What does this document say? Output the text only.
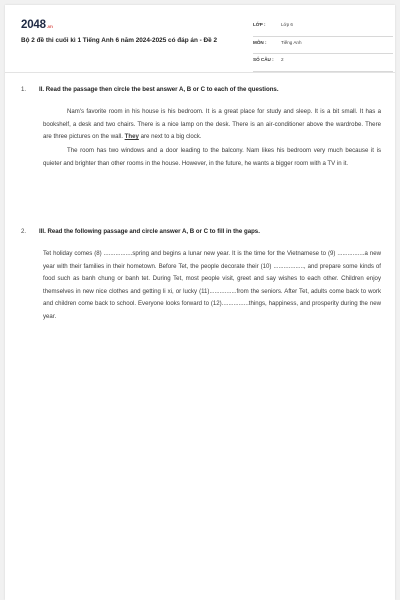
2048.vn
Bộ 2 đề thi cuối kì 1 Tiếng Anh 6 năm 2024-2025 có đáp án - Đề 2
LỚP :	Lớp 6
MÔN :	Tiếng Anh
SỐ CÂU : 2
1. II. Read the passage then circle the best answer A, B or C to each of the questions.

Nam's favorite room in his house is his bedroom. It is a great place for study and sleep. It is a bit small. It has a bookshelf, a desk and two chairs. There is a nice lamp on the desk. There is an air-conditioner above the wardrobe. There are three pictures on the wall. They are next to a big clock.

The room has two windows and a door leading to the balcony. Nam likes his bedroom very much because it is quieter and brighter than other rooms in the house. However, in the future, he wants a bigger room with a TV in it.

2. III. Read the following passage and circle answer A, B or C to fill in the gaps.

Tet holiday comes (8) .................spring and begins a lunar new year. It is the time for the Vietnamese to (9) ................a new year with their families in their hometown. Before Tet, the people decorate their (10) .................., and prepare some kinds of food such as banh chung or banh tet. During Tet, most people visit, greet and say wishes to each other. Children enjoy themselves in new nice clothes and getting li xi, or lucky (11)................from the seniors. After Tet, adults come back to work and children come back to school. Everyone looks forward to (12)................things, happiness, and prosperity during the new year.
